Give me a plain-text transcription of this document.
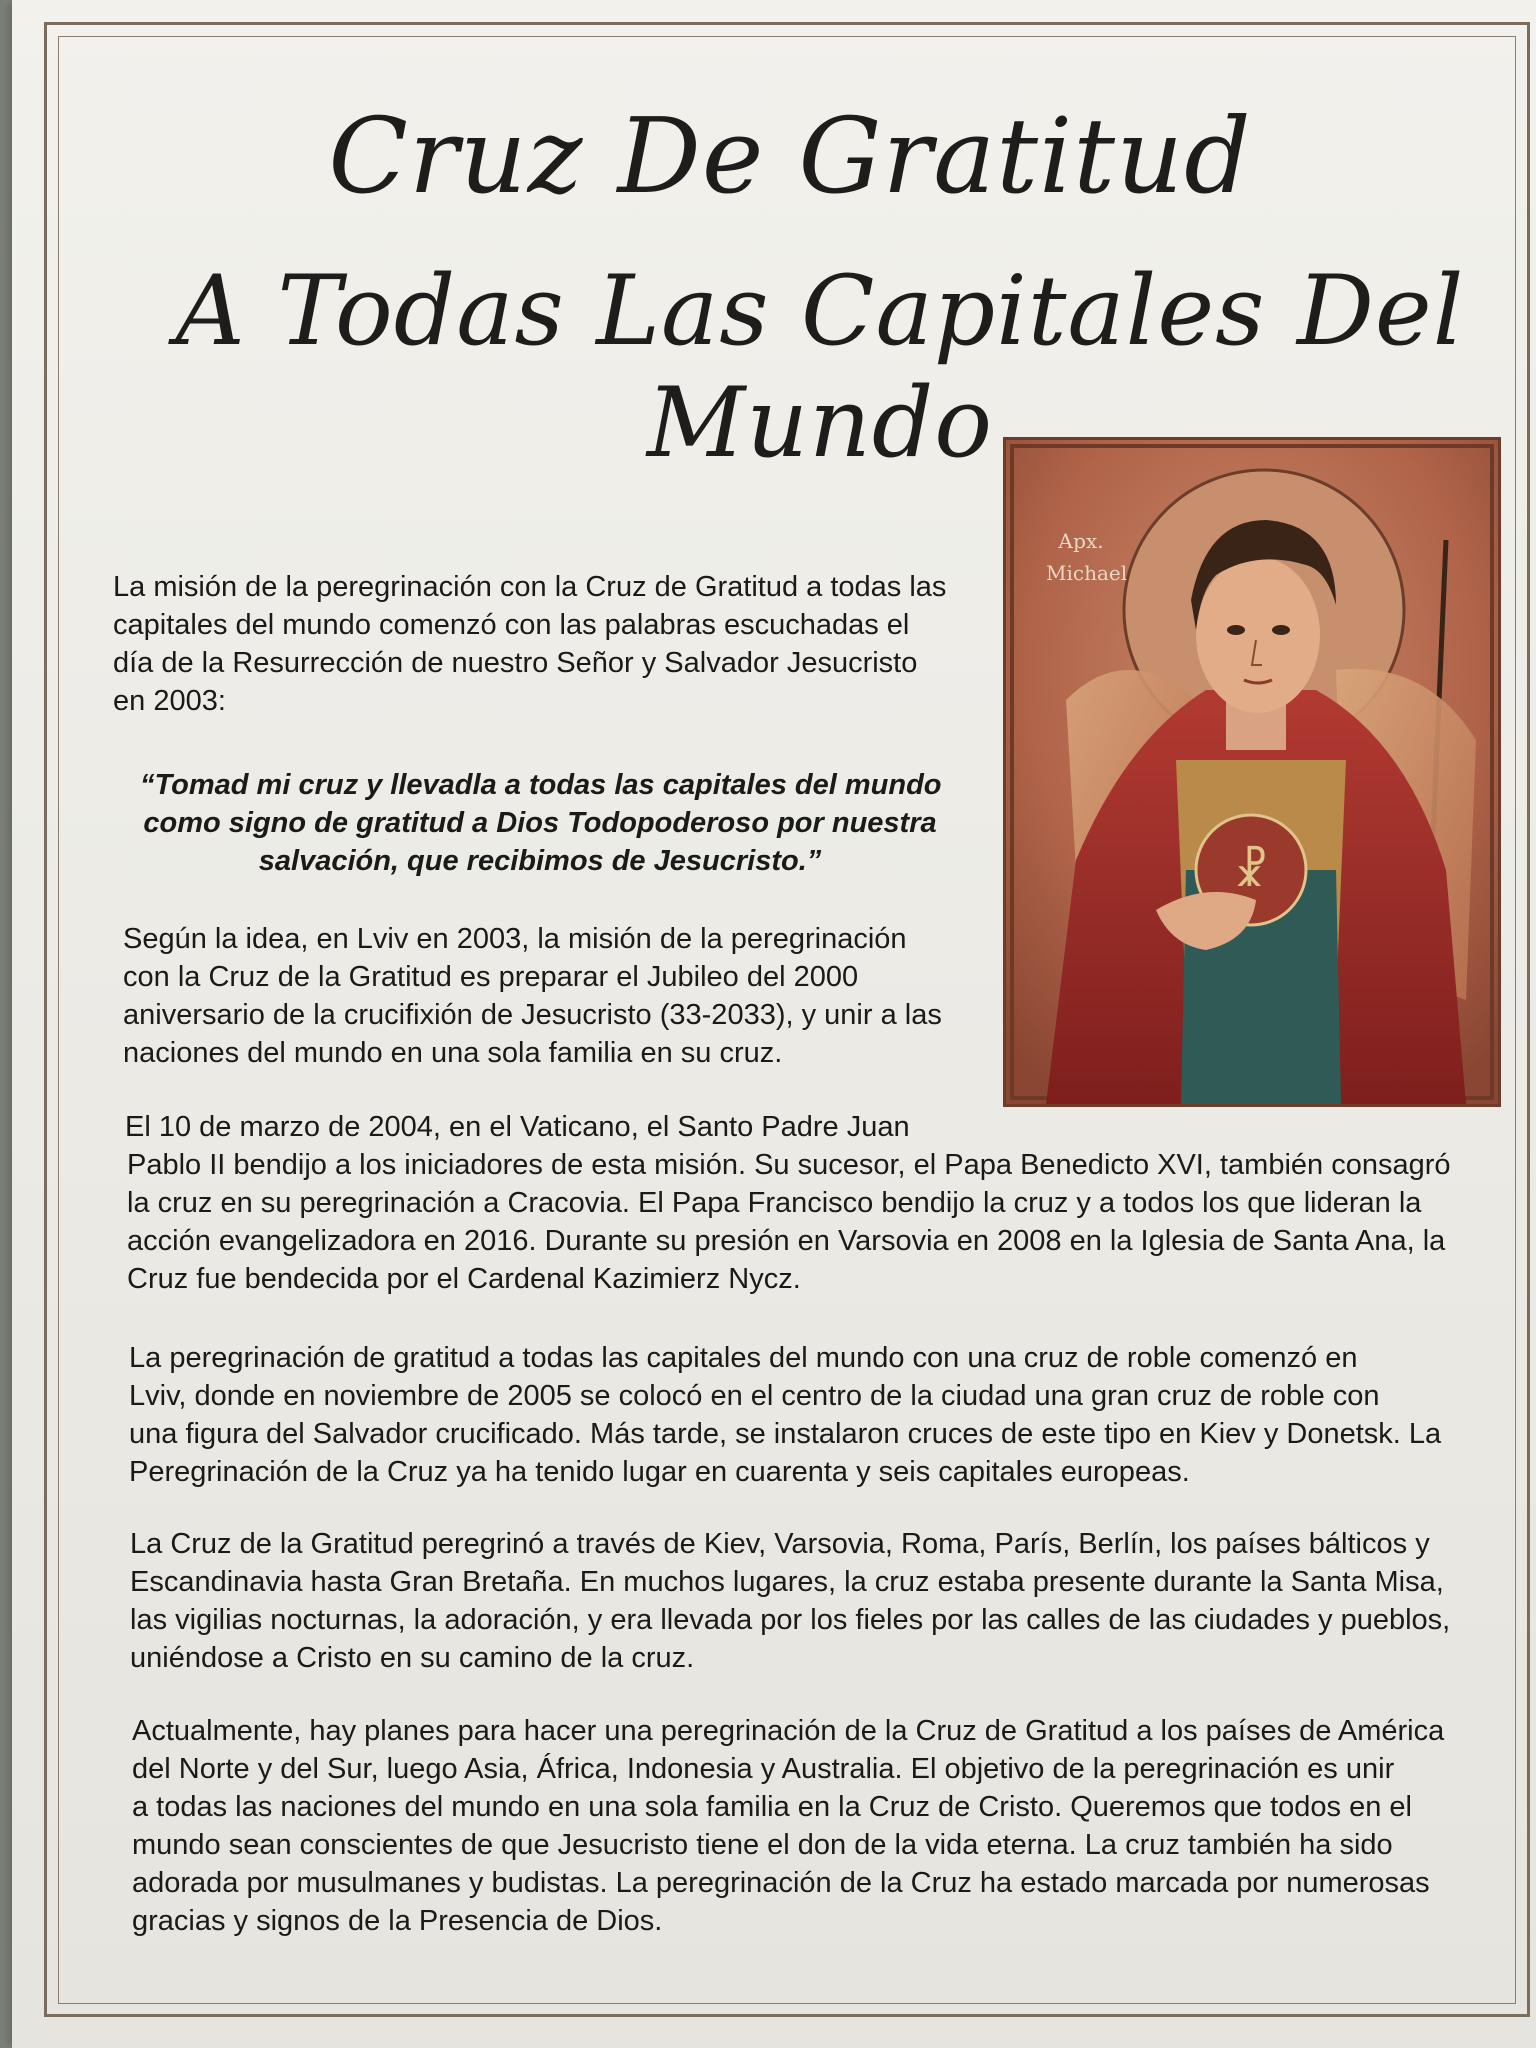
Cruz De Gratitud
A Todas Las Capitales Del Mundo
Арх.
Michael
☧
La misión de la peregrinación con la Cruz de Gratitud a todas las
capitales del mundo comenzó con las palabras escuchadas el
día de la Resurrección de nuestro Señor y Salvador Jesucristo
en 2003:
“Tomad mi cruz y llevadla a todas las capitales del mundo
como signo de gratitud a Dios Todopoderoso por nuestra
salvación, que recibimos de Jesucristo.”
Según la idea, en Lviv en 2003, la misión de la peregrinación
con la Cruz de la Gratitud es preparar el Jubileo del 2000
aniversario de la crucifixión de Jesucristo (33-2033), y unir a las
naciones del mundo en una sola familia en su cruz.
El 10 de marzo de 2004, en el Vaticano, el Santo Padre Juan
Pablo II bendijo a los iniciadores de esta misión. Su sucesor, el Papa Benedicto XVI, también consagró
la cruz en su peregrinación a Cracovia. El Papa Francisco bendijo la cruz y a todos los que lideran la
acción evangelizadora en 2016. Durante su presión en Varsovia en 2008 en la Iglesia de Santa Ana, la
Cruz fue bendecida por el Cardenal Kazimierz Nycz.
La peregrinación de gratitud a todas las capitales del mundo con una cruz de roble comenzó en
Lviv, donde en noviembre de 2005 se colocó en el centro de la ciudad una gran cruz de roble con
una figura del Salvador crucificado. Más tarde, se instalaron cruces de este tipo en Kiev y Donetsk. La
Peregrinación de la Cruz ya ha tenido lugar en cuarenta y seis capitales europeas.
La Cruz de la Gratitud peregrinó a través de Kiev, Varsovia, Roma, París, Berlín, los países bálticos y
Escandinavia hasta Gran Bretaña. En muchos lugares, la cruz estaba presente durante la Santa Misa,
las vigilias nocturnas, la adoración, y era llevada por los fieles por las calles de las ciudades y pueblos,
uniéndose a Cristo en su camino de la cruz.
Actualmente, hay planes para hacer una peregrinación de la Cruz de Gratitud a los países de América
del Norte y del Sur, luego Asia, África, Indonesia y Australia. El objetivo de la peregrinación es unir
a todas las naciones del mundo en una sola familia en la Cruz de Cristo. Queremos que todos en el
mundo sean conscientes de que Jesucristo tiene el don de la vida eterna. La cruz también ha sido
adorada por musulmanes y budistas. La peregrinación de la Cruz ha estado marcada por numerosas
gracias y signos de la Presencia de Dios.
